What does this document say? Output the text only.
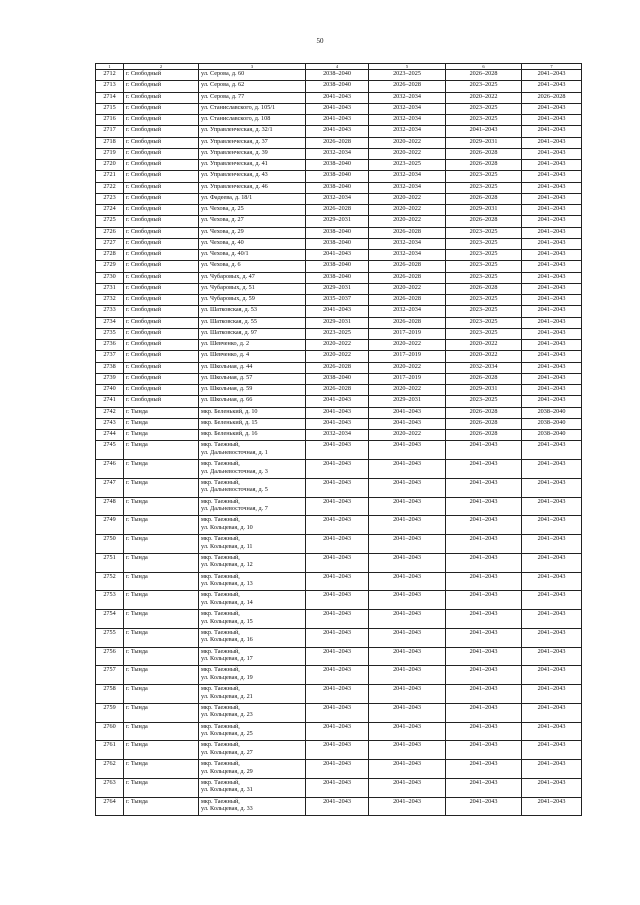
50
1	2	3	4	5	6	7
2712	г. Свободный	ул. Серова, д. 60	2038–2040	2023–2025	2026–2028	2041–2043
2713	г. Свободный	ул. Серова, д. 62	2038–2040	2026–2028	2023–2025	2041–2043
2714	г. Свободный	ул. Серова, д. 77	2041–2043	2032–2034	2020–2022	2026–2028
2715	г. Свободный	ул. Станиславского, д. 105/1	2041–2043	2032–2034	2023–2025	2041–2043
2716	г. Свободный	ул. Станиславского, д. 108	2041–2043	2032–2034	2023–2025	2041–2043
2717	г. Свободный	ул. Управленческая, д. 32/1	2041–2043	2032–2034	2041–2043	2041–2043
2718	г. Свободный	ул. Управленческая, д. 37	2026–2028	2020–2022	2029–2031	2041–2043
2719	г. Свободный	ул. Управленческая, д. 39	2032–2034	2020–2022	2026–2028	2041–2043
2720	г. Свободный	ул. Управленческая, д. 41	2038–2040	2023–2025	2026–2028	2041–2043
2721	г. Свободный	ул. Управленческая, д. 43	2038–2040	2032–2034	2023–2025	2041–2043
2722	г. Свободный	ул. Управленческая, д. 46	2038–2040	2032–2034	2023–2025	2041–2043
2723	г. Свободный	ул. Фадеева, д. 18/1	2032–2034	2020–2022	2026–2028	2041–2043
2724	г. Свободный	ул. Чехова, д. 25	2026–2028	2020–2022	2029–2031	2041–2043
2725	г. Свободный	ул. Чехова, д. 27	2029–2031	2020–2022	2026–2028	2041–2043
2726	г. Свободный	ул. Чехова, д. 29	2038–2040	2026–2028	2023–2025	2041–2043
2727	г. Свободный	ул. Чехова, д. 40	2038–2040	2032–2034	2023–2025	2041–2043
2728	г. Свободный	ул. Чехова, д. 40/1	2041–2043	2032–2034	2023–2025	2041–2043
2729	г. Свободный	ул. Чехова, д. 6	2038–2040	2026–2028	2023–2025	2041–2043
2730	г. Свободный	ул. Чубаровых, д. 47	2038–2040	2026–2028	2023–2025	2041–2043
2731	г. Свободный	ул. Чубаровых, д. 51	2029–2031	2020–2022	2026–2028	2041–2043
2732	г. Свободный	ул. Чубаровых, д. 59	2035–2037	2026–2028	2023–2025	2041–2043
2733	г. Свободный	ул. Шатковская, д. 53	2041–2043	2032–2034	2023–2025	2041–2043
2734	г. Свободный	ул. Шатковская, д. 55	2029–2031	2026–2028	2023–2025	2041–2043
2735	г. Свободный	ул. Шатковская, д. 97	2023–2025	2017–2019	2023–2025	2041–2043
2736	г. Свободный	ул. Шевченко, д. 2	2020–2022	2020–2022	2020–2022	2041–2043
2737	г. Свободный	ул. Шевченко, д. 4	2020–2022	2017–2019	2020–2022	2041–2043
2738	г. Свободный	ул. Школьная, д. 44	2026–2028	2020–2022	2032–2034	2041–2043
2739	г. Свободный	ул. Школьная, д. 57	2038–2040	2017–2019	2026–2028	2041–2043
2740	г. Свободный	ул. Школьная, д. 59	2026–2028	2020–2022	2029–2031	2041–2043
2741	г. Свободный	ул. Школьная, д. 66	2041–2043	2029–2031	2023–2025	2041–2043
2742	г. Тында	мкр. Беленький, д. 10	2041–2043	2041–2043	2026–2028	2038–2040
2743	г. Тында	мкр. Беленький, д. 15	2041–2043	2041–2043	2026–2028	2038–2040
2744	г. Тында	мкр. Беленький, д. 16	2032–2034	2020–2022	2026–2028	2038–2040
2745	г. Тында	мкр. Таежный,
ул. Дальневосточная, д. 1	2041–2043	2041–2043	2041–2043	2041–2043
2746	г. Тында	мкр. Таежный,
ул. Дальневосточная, д. 3	2041–2043	2041–2043	2041–2043	2041–2043
2747	г. Тында	мкр. Таежный,
ул. Дальневосточная, д. 5	2041–2043	2041–2043	2041–2043	2041–2043
2748	г. Тында	мкр. Таежный,
ул. Дальневосточная, д. 7	2041–2043	2041–2043	2041–2043	2041–2043
2749	г. Тында	мкр. Таежный,
ул. Кольцевая, д. 10	2041–2043	2041–2043	2041–2043	2041–2043
2750	г. Тында	мкр. Таежный,
ул. Кольцевая, д. 11	2041–2043	2041–2043	2041–2043	2041–2043
2751	г. Тында	мкр. Таежный,
ул. Кольцевая, д. 12	2041–2043	2041–2043	2041–2043	2041–2043
2752	г. Тында	мкр. Таежный,
ул. Кольцевая, д. 13	2041–2043	2041–2043	2041–2043	2041–2043
2753	г. Тында	мкр. Таежный,
ул. Кольцевая, д. 14	2041–2043	2041–2043	2041–2043	2041–2043
2754	г. Тында	мкр. Таежный,
ул. Кольцевая, д. 15	2041–2043	2041–2043	2041–2043	2041–2043
2755	г. Тында	мкр. Таежный,
ул. Кольцевая, д. 16	2041–2043	2041–2043	2041–2043	2041–2043
2756	г. Тында	мкр. Таежный,
ул. Кольцевая, д. 17	2041–2043	2041–2043	2041–2043	2041–2043
2757	г. Тында	мкр. Таежный,
ул. Кольцевая, д. 19	2041–2043	2041–2043	2041–2043	2041–2043
2758	г. Тында	мкр. Таежный,
ул. Кольцевая, д. 21	2041–2043	2041–2043	2041–2043	2041–2043
2759	г. Тында	мкр. Таежный,
ул. Кольцевая, д. 23	2041–2043	2041–2043	2041–2043	2041–2043
2760	г. Тында	мкр. Таежный,
ул. Кольцевая, д. 25	2041–2043	2041–2043	2041–2043	2041–2043
2761	г. Тында	мкр. Таежный,
ул. Кольцевая, д. 27	2041–2043	2041–2043	2041–2043	2041–2043
2762	г. Тында	мкр. Таежный,
ул. Кольцевая, д. 29	2041–2043	2041–2043	2041–2043	2041–2043
2763	г. Тында	мкр. Таежный,
ул. Кольцевая, д. 31	2041–2043	2041–2043	2041–2043	2041–2043
2764	г. Тында	мкр. Таежный,
ул. Кольцевая, д. 33	2041–2043	2041–2043	2041–2043	2041–2043
